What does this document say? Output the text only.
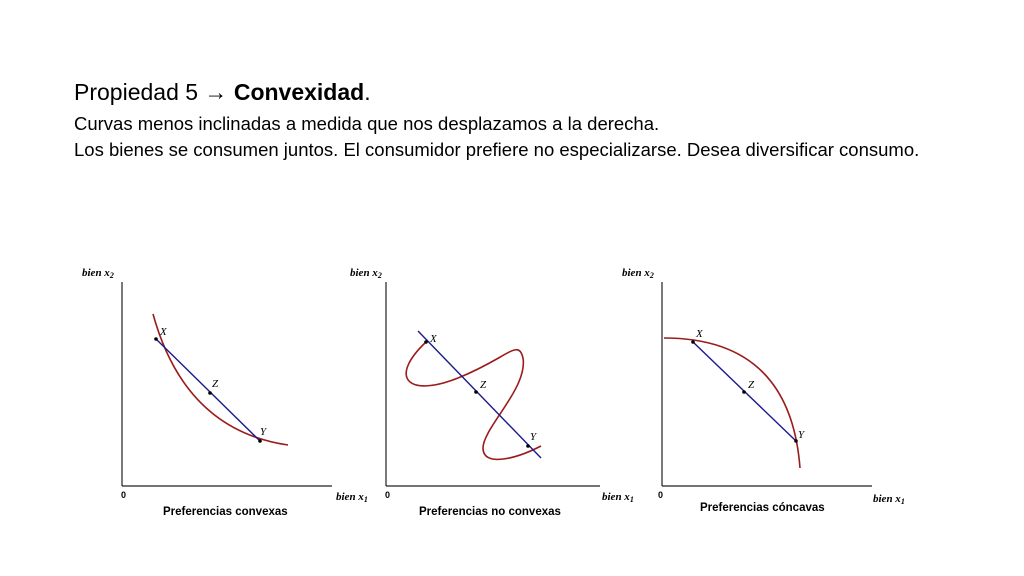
Propiedad 5 → Convexidad.

Curvas menos inclinadas a medida que nos desplazamos a la derecha.

Los bienes se consumen juntos. El consumidor prefiere no especializarse. Desea diversificar consumo.

bien x2
0	bien x1
X
Z
Y
Preferencias convexas
bien x2
0	bien x1
X
Z
Y
Preferencias no convexas
bien x2
0	bien x1
X
Z
Y
Preferencias cóncavas
